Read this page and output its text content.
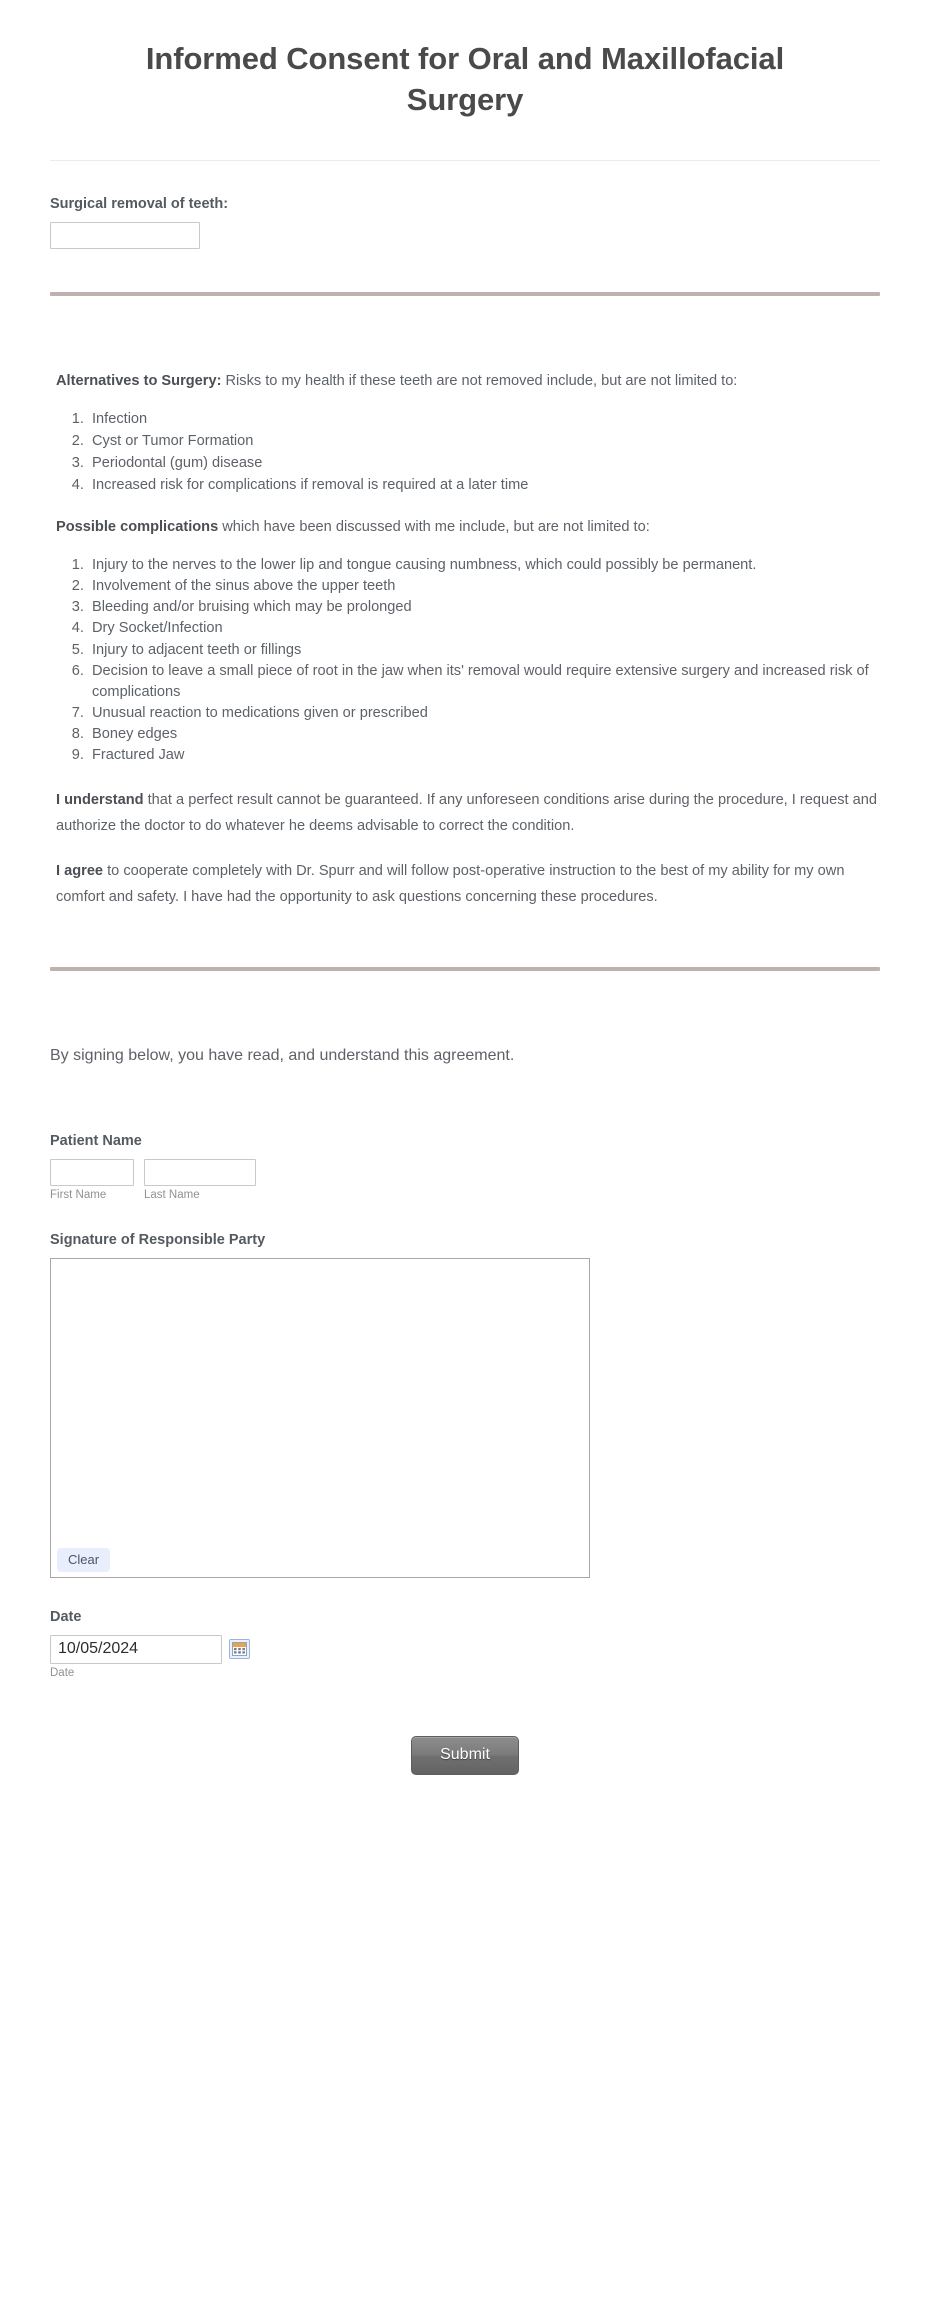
Informed Consent for Oral and Maxillofacial Surgery
Surgical removal of teeth:

Alternatives to Surgery: Risks to my health if these teeth are not removed include, but are not limited to:

1. Infection
2. Cyst or Tumor Formation
3. Periodontal (gum) disease
4. Increased risk for complications if removal is required at a later time

Possible complications which have been discussed with me include, but are not limited to:

1. Injury to the nerves to the lower lip and tongue causing numbness, which could possibly be permanent.
2. Involvement of the sinus above the upper teeth
3. Bleeding and/or bruising which may be prolonged
4. Dry Socket/Infection
5. Injury to adjacent teeth or fillings
6. Decision to leave a small piece of root in the jaw when its' removal would require extensive surgery and increased risk of complications
7. Unusual reaction to medications given or prescribed
8. Boney edges
9. Fractured Jaw

I understand that a perfect result cannot be guaranteed. If any unforeseen conditions arise during the procedure, I request and authorize the doctor to do whatever he deems advisable to correct the condition.

I agree to cooperate completely with Dr. Spurr and will follow post-operative instruction to the best of my ability for my own comfort and safety. I have had the opportunity to ask questions concerning these procedures.

By signing below, you have read, and understand this agreement.
Patient Name
First Name	Last Name
Signature of Responsible Party
Clear
Date
10/05/2024
Date
Submit
